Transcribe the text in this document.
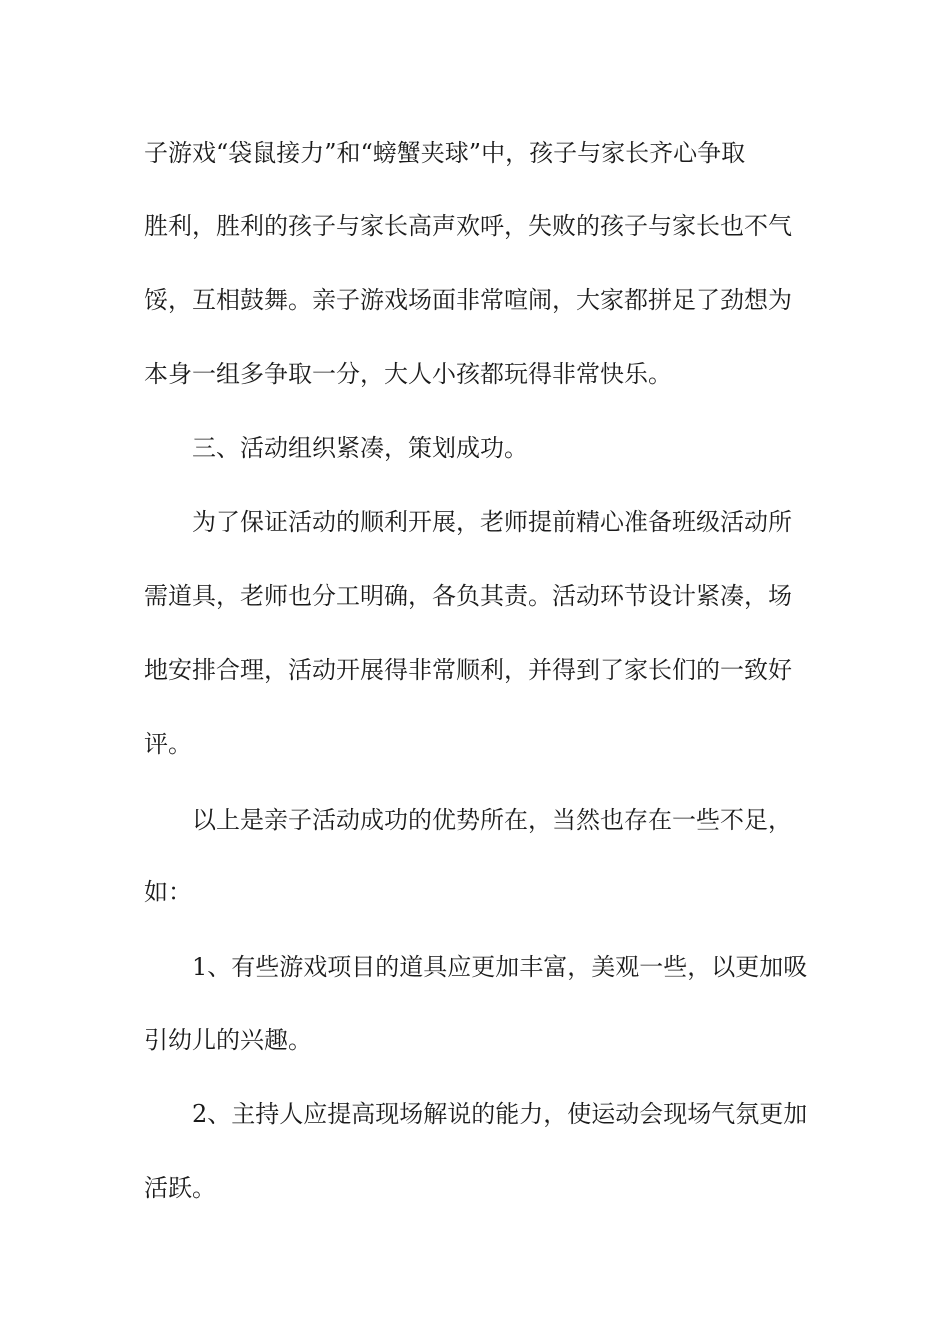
子游戏“袋鼠接力”和“螃蟹夹球”中，孩子与家长齐心争取
胜利，胜利的孩子与家长高声欢呼，失败的孩子与家长也不气
馁，互相鼓舞。亲子游戏场面非常喧闹，大家都拼足了劲想为
本身一组多争取一分，大人小孩都玩得非常快乐。
三、活动组织紧凑，策划成功。
为了保证活动的顺利开展，老师提前精心准备班级活动所
需道具，老师也分工明确，各负其责。活动环节设计紧凑，场
地安排合理，活动开展得非常顺利，并得到了家长们的一致好
评。
以上是亲子活动成功的优势所在，当然也存在一些不足，
如：
1、有些游戏项目的道具应更加丰富，美观一些，以更加吸
引幼儿的兴趣。
2、主持人应提高现场解说的能力，使运动会现场气氛更加
活跃。
